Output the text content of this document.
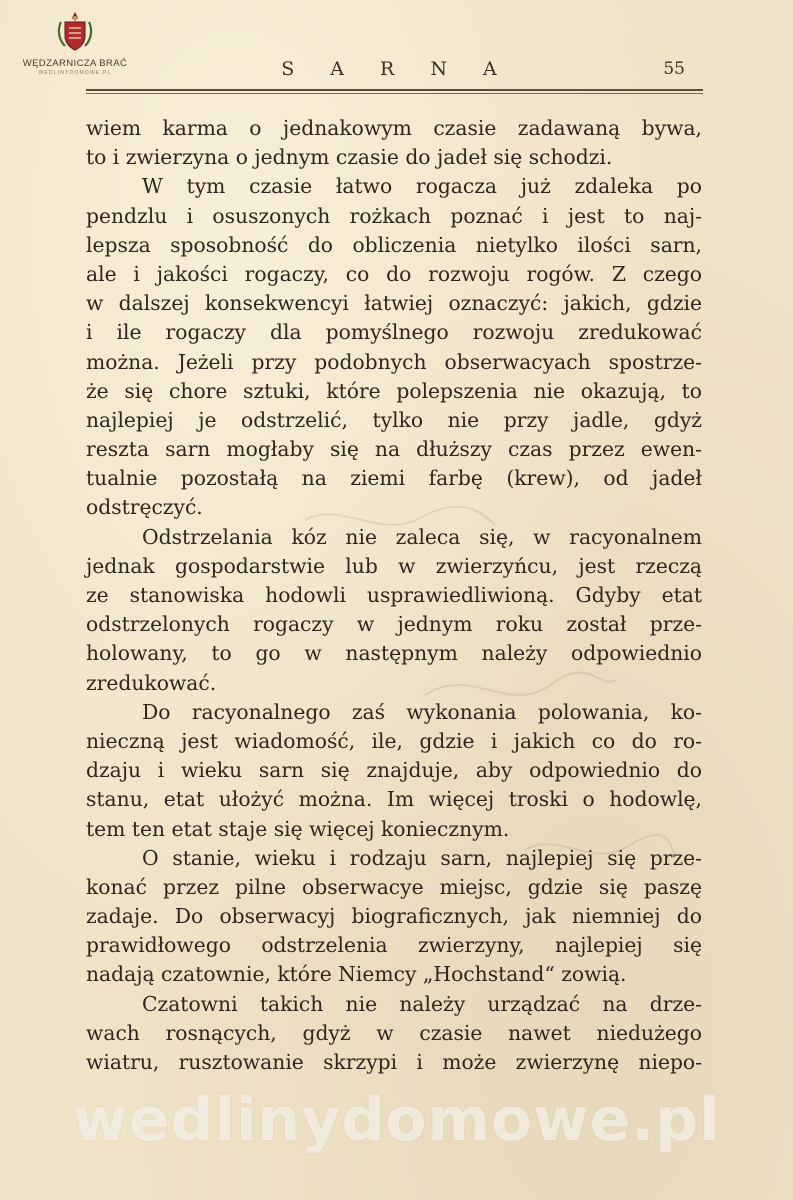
WĘDZARNICZA BRAĆ
WEDLINYDOMOWE.PL	S A R N A	55
wiem karma o jednakowym czasie zadawaną bywa,
to i zwierzyna o jednym czasie do jadeł się schodzi.
W tym czasie łatwo rogacza już zdaleka po
pendzlu i osuszonych rożkach poznać i jest to naj-
lepsza sposobność do obliczenia nietylko ilości sarn,
ale i jakości rogaczy, co do rozwoju rogów. Z czego
w dalszej konsekwencyi łatwiej oznaczyć: jakich, gdzie
i ile rogaczy dla pomyślnego rozwoju zredukować
można. Jeżeli przy podobnych obserwacyach spostrze-
że się chore sztuki, które polepszenia nie okazują, to
najlepiej je odstrzelić, tylko nie przy jadle, gdyż
reszta sarn mogłaby się na dłuższy czas przez ewen-
tualnie pozostałą na ziemi farbę (krew), od jadeł
odstręczyć.
Odstrzelania kóz nie zaleca się, w racyonalnem
jednak gospodarstwie lub w zwierzyńcu, jest rzeczą
ze stanowiska hodowli usprawiedliwioną. Gdyby etat
odstrzelonych rogaczy w jednym roku został prze-
holowany, to go w następnym należy odpowiednio
zredukować.
Do racyonalnego zaś wykonania polowania, ko-
nieczną jest wiadomość, ile, gdzie i jakich co do ro-
dzaju i wieku sarn się znajduje, aby odpowiednio do
stanu, etat ułożyć można. Im więcej troski o hodowlę,
tem ten etat staje się więcej koniecznym.
O stanie, wieku i rodzaju sarn, najlepiej się prze-
konać przez pilne obserwacye miejsc, gdzie się paszę
zadaje. Do obserwacyj biograficznych, jak niemniej do
prawidłowego odstrzelenia zwierzyny, najlepiej się
nadają czatownie, które Niemcy „Hochstand“ zowią.
Czatowni takich nie należy urządzać na drze-
wach rosnących, gdyż w czasie nawet niedużego
wiatru, rusztowanie skrzypi i może zwierzynę niepo-
wedlinydomowe.pl
